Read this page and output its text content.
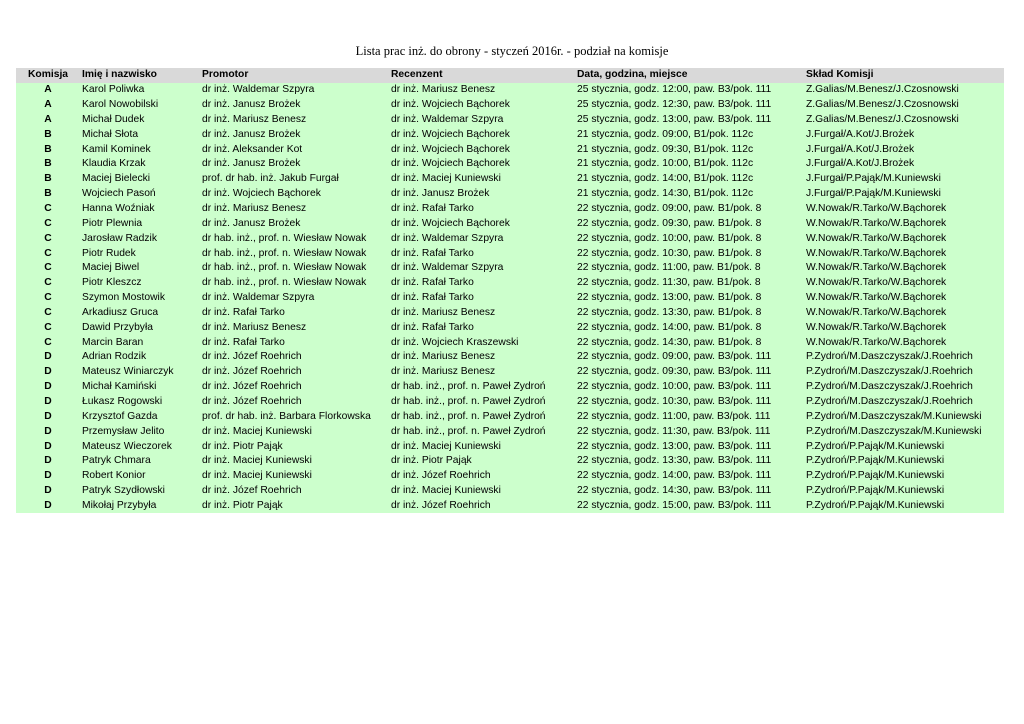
Lista prac inż. do obrony - styczeń 2016r. - podział na komisje
Komisja	Imię i nazwisko	Promotor	Recenzent	Data, godzina, miejsce	Skład Komisji
A	Karol Poliwka	dr inż. Waldemar Szpyra	dr inż. Mariusz Benesz	25 stycznia, godz. 12:00, paw. B3/pok. 111	Z.Galias/M.Benesz/J.Czosnowski
A	Karol Nowobilski	dr inż. Janusz Brożek	dr inż. Wojciech Bąchorek	25 stycznia, godz. 12:30, paw. B3/pok. 111	Z.Galias/M.Benesz/J.Czosnowski
A	Michał Dudek	dr inż. Mariusz Benesz	dr inż. Waldemar Szpyra	25 stycznia, godz. 13:00, paw. B3/pok. 111	Z.Galias/M.Benesz/J.Czosnowski
B	Michał Słota	dr inż. Janusz Brożek	dr inż. Wojciech Bąchorek	21 stycznia, godz. 09:00, B1/pok. 112c	J.Furgał/A.Kot/J.Brożek
B	Kamil Kominek	dr inż. Aleksander Kot	dr inż. Wojciech Bąchorek	21 stycznia, godz. 09:30, B1/pok. 112c	J.Furgał/A.Kot/J.Brożek
B	Klaudia Krzak	dr inż. Janusz Brożek	dr inż. Wojciech Bąchorek	21 stycznia, godz. 10:00, B1/pok. 112c	J.Furgał/A.Kot/J.Brożek
B	Maciej Bielecki	prof. dr hab. inż. Jakub Furgał	dr inż. Maciej Kuniewski	21 stycznia, godz. 14:00, B1/pok. 112c	J.Furgał/P.Pająk/M.Kuniewski
B	Wojciech Pasoń	dr inż. Wojciech Bąchorek	dr inż. Janusz Brożek	21 stycznia, godz. 14:30, B1/pok. 112c	J.Furgał/P.Pająk/M.Kuniewski
C	Hanna Woźniak	dr inż. Mariusz Benesz	dr inż. Rafał Tarko	22 stycznia, godz. 09:00, paw. B1/pok. 8	W.Nowak/R.Tarko/W.Bąchorek
C	Piotr Plewnia	dr inż. Janusz Brożek	dr inż. Wojciech Bąchorek	22 stycznia, godz. 09:30, paw. B1/pok. 8	W.Nowak/R.Tarko/W.Bąchorek
C	Jarosław Radzik	dr hab. inż., prof. n. Wiesław Nowak	dr inż. Waldemar Szpyra	22 stycznia, godz. 10:00, paw. B1/pok. 8	W.Nowak/R.Tarko/W.Bąchorek
C	Piotr Rudek	dr hab. inż., prof. n. Wiesław Nowak	dr inż. Rafał Tarko	22 stycznia, godz. 10:30, paw. B1/pok. 8	W.Nowak/R.Tarko/W.Bąchorek
C	Maciej Biwel	dr hab. inż., prof. n. Wiesław Nowak	dr inż. Waldemar Szpyra	22 stycznia, godz. 11:00, paw. B1/pok. 8	W.Nowak/R.Tarko/W.Bąchorek
C	Piotr Kleszcz	dr hab. inż., prof. n. Wiesław Nowak	dr inż. Rafał Tarko	22 stycznia, godz. 11:30, paw. B1/pok. 8	W.Nowak/R.Tarko/W.Bąchorek
C	Szymon Mostowik	dr inż. Waldemar Szpyra	dr inż. Rafał Tarko	22 stycznia, godz. 13:00, paw. B1/pok. 8	W.Nowak/R.Tarko/W.Bąchorek
C	Arkadiusz Gruca	dr inż. Rafał Tarko	dr inż. Mariusz Benesz	22 stycznia, godz. 13:30, paw. B1/pok. 8	W.Nowak/R.Tarko/W.Bąchorek
C	Dawid Przybyła	dr inż. Mariusz Benesz	dr inż. Rafał Tarko	22 stycznia, godz. 14:00, paw. B1/pok. 8	W.Nowak/R.Tarko/W.Bąchorek
C	Marcin Baran	dr inż. Rafał Tarko	dr inż. Wojciech Kraszewski	22 stycznia, godz. 14:30, paw. B1/pok. 8	W.Nowak/R.Tarko/W.Bąchorek
D	Adrian Rodzik	dr inż. Józef Roehrich	dr inż. Mariusz Benesz	22 stycznia, godz. 09:00, paw. B3/pok. 111	P.Zydroń/M.Daszczyszak/J.Roehrich
D	Mateusz Winiarczyk	dr inż. Józef Roehrich	dr inż. Mariusz Benesz	22 stycznia, godz. 09:30, paw. B3/pok. 111	P.Zydroń/M.Daszczyszak/J.Roehrich
D	Michał Kamiński	dr inż. Józef Roehrich	dr hab. inż., prof. n. Paweł Zydroń	22 stycznia, godz. 10:00, paw. B3/pok. 111	P.Zydroń/M.Daszczyszak/J.Roehrich
D	Łukasz Rogowski	dr inż. Józef Roehrich	dr hab. inż., prof. n. Paweł Zydroń	22 stycznia, godz. 10:30, paw. B3/pok. 111	P.Zydroń/M.Daszczyszak/J.Roehrich
D	Krzysztof Gazda	prof. dr hab. inż. Barbara Florkowska	dr hab. inż., prof. n. Paweł Zydroń	22 stycznia, godz. 11:00, paw. B3/pok. 111	P.Zydroń/M.Daszczyszak/M.Kuniewski
D	Przemysław Jelito	dr inż. Maciej Kuniewski	dr hab. inż., prof. n. Paweł Zydroń	22 stycznia, godz. 11:30, paw. B3/pok. 111	P.Zydroń/M.Daszczyszak/M.Kuniewski
D	Mateusz Wieczorek	dr inż. Piotr Pająk	dr inż. Maciej Kuniewski	22 stycznia, godz. 13:00, paw. B3/pok. 111	P.Zydroń/P.Pająk/M.Kuniewski
D	Patryk Chmara	dr inż. Maciej Kuniewski	dr inż. Piotr Pająk	22 stycznia, godz. 13:30, paw. B3/pok. 111	P.Zydroń/P.Pająk/M.Kuniewski
D	Robert Konior	dr inż. Maciej Kuniewski	dr inż. Józef Roehrich	22 stycznia, godz. 14:00, paw. B3/pok. 111	P.Zydroń/P.Pająk/M.Kuniewski
D	Patryk Szydłowski	dr inż. Józef Roehrich	dr inż. Maciej Kuniewski	22 stycznia, godz. 14:30, paw. B3/pok. 111	P.Zydroń/P.Pająk/M.Kuniewski
D	Mikołaj Przybyła	dr inż. Piotr Pająk	dr inż. Józef Roehrich	22 stycznia, godz. 15:00, paw. B3/pok. 111	P.Zydroń/P.Pająk/M.Kuniewski
